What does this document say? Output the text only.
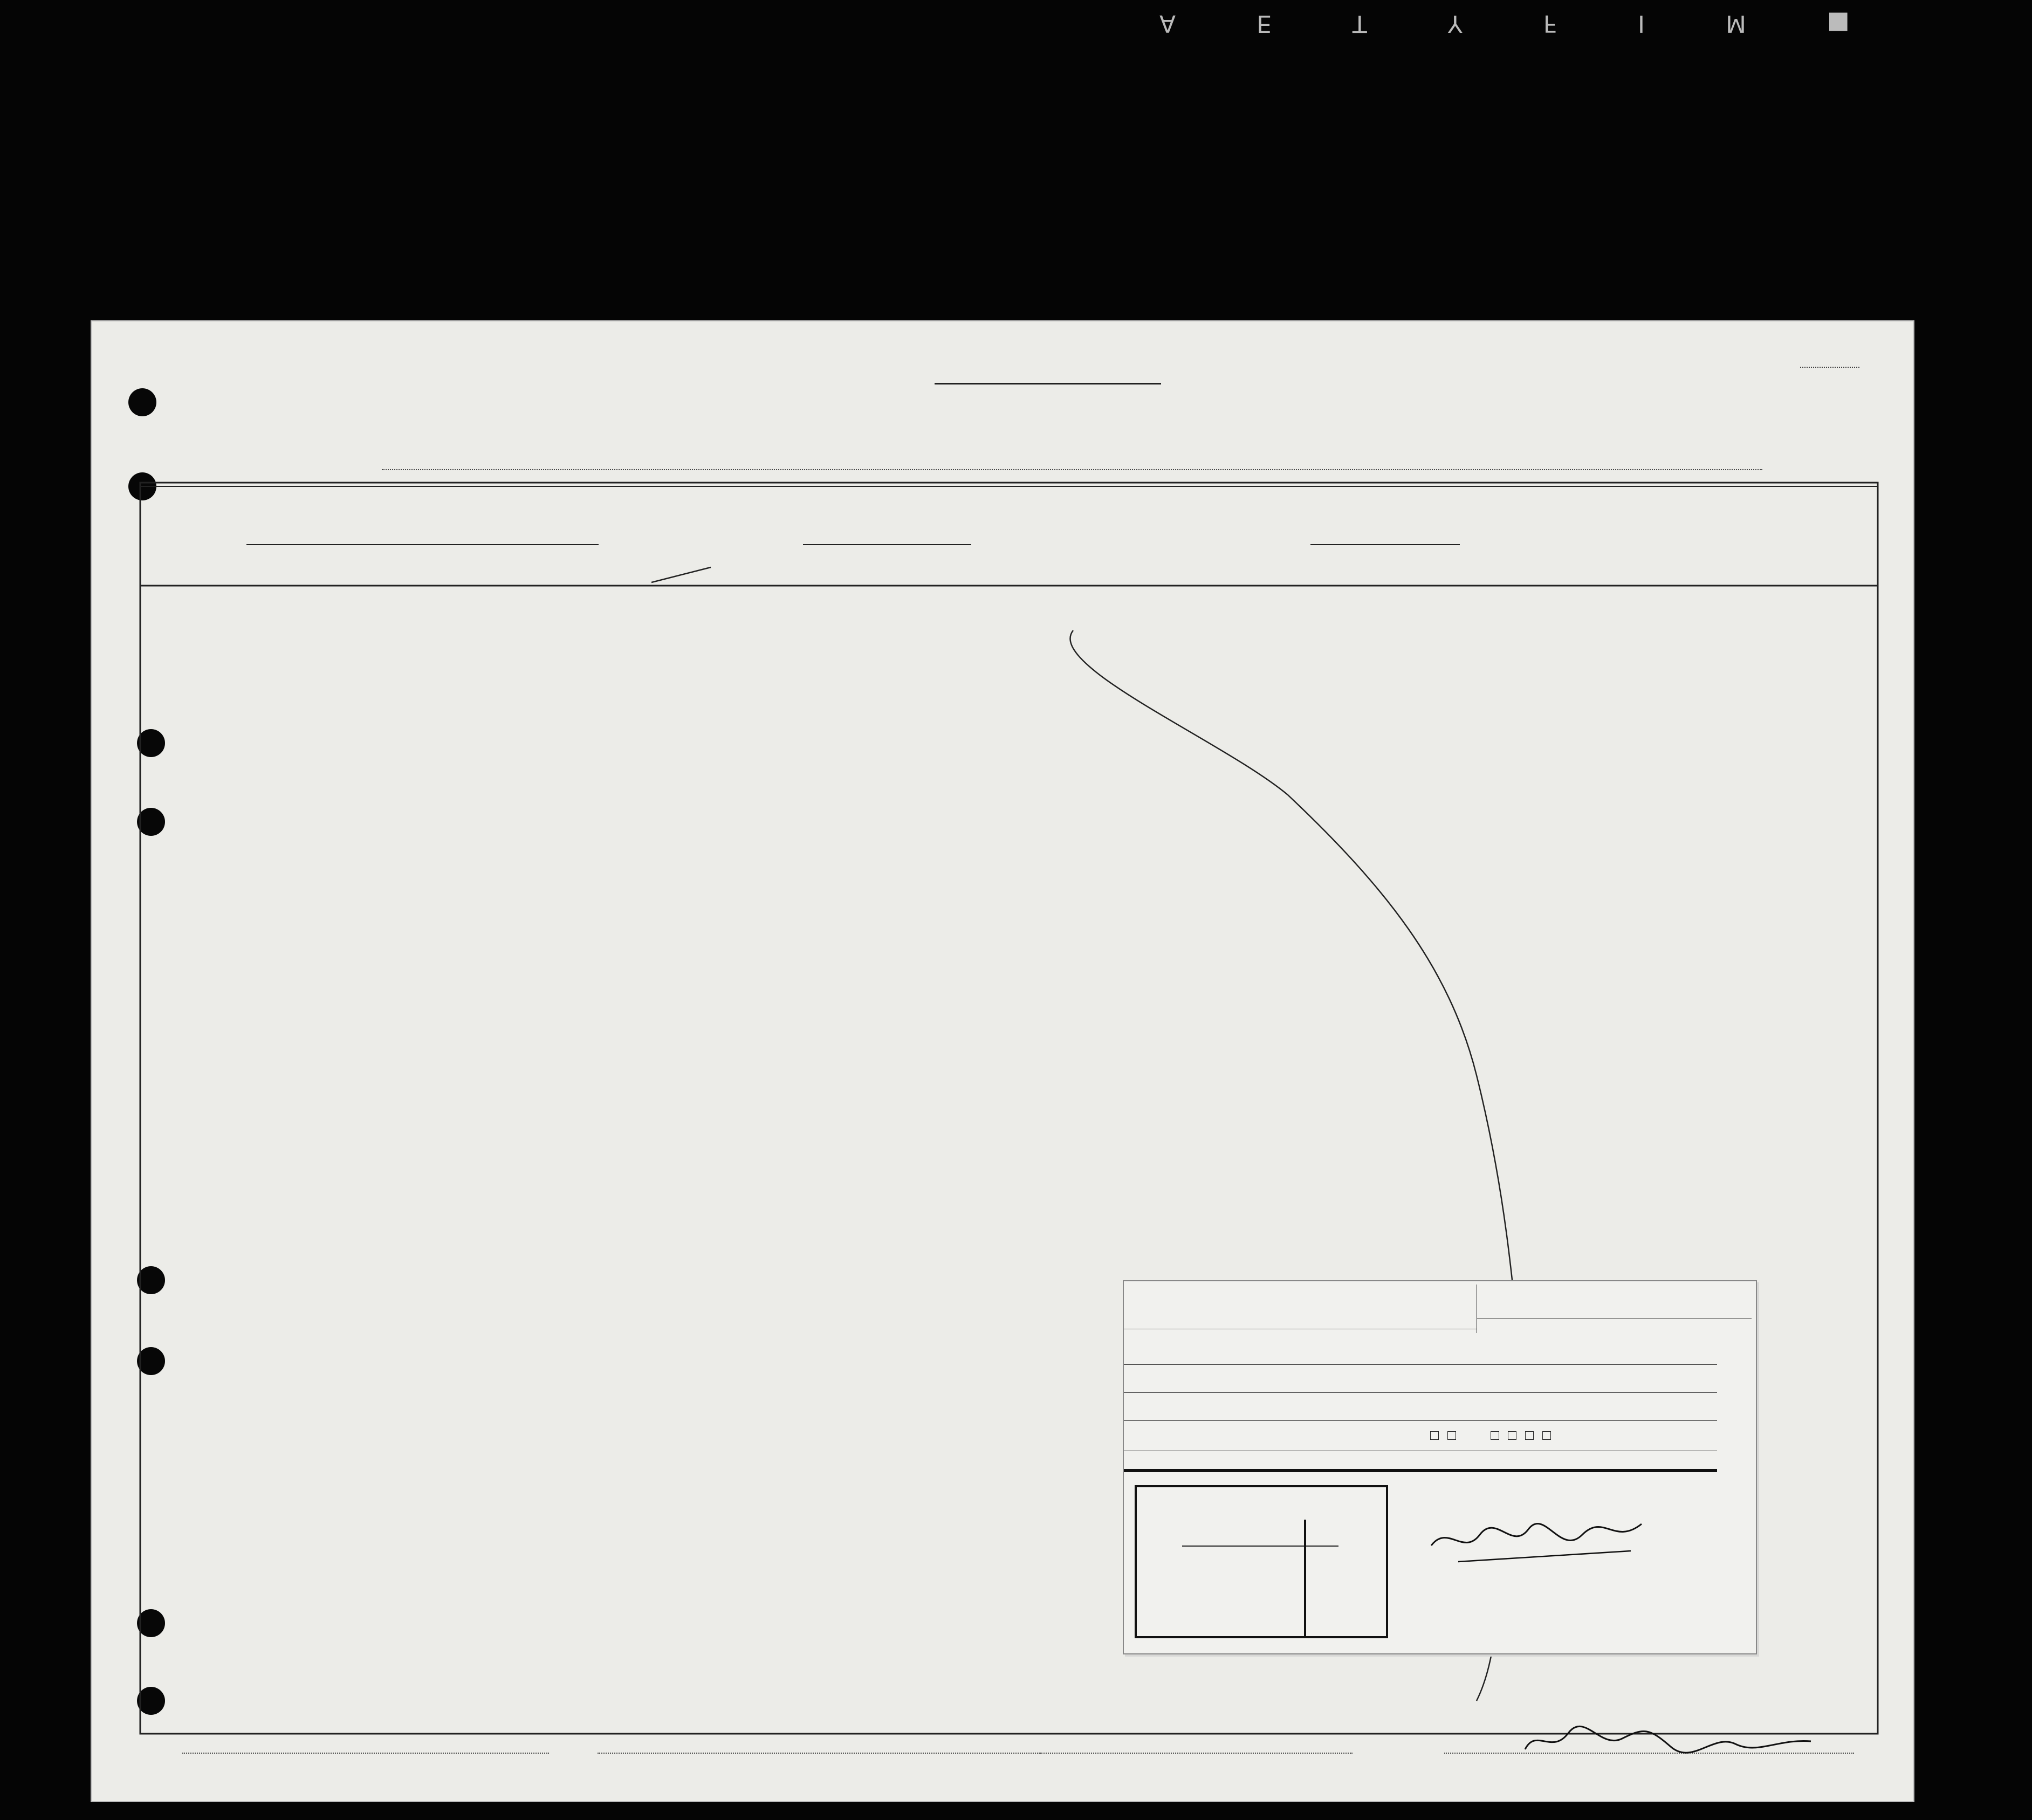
A	E	T	Y	F	I	M	■
